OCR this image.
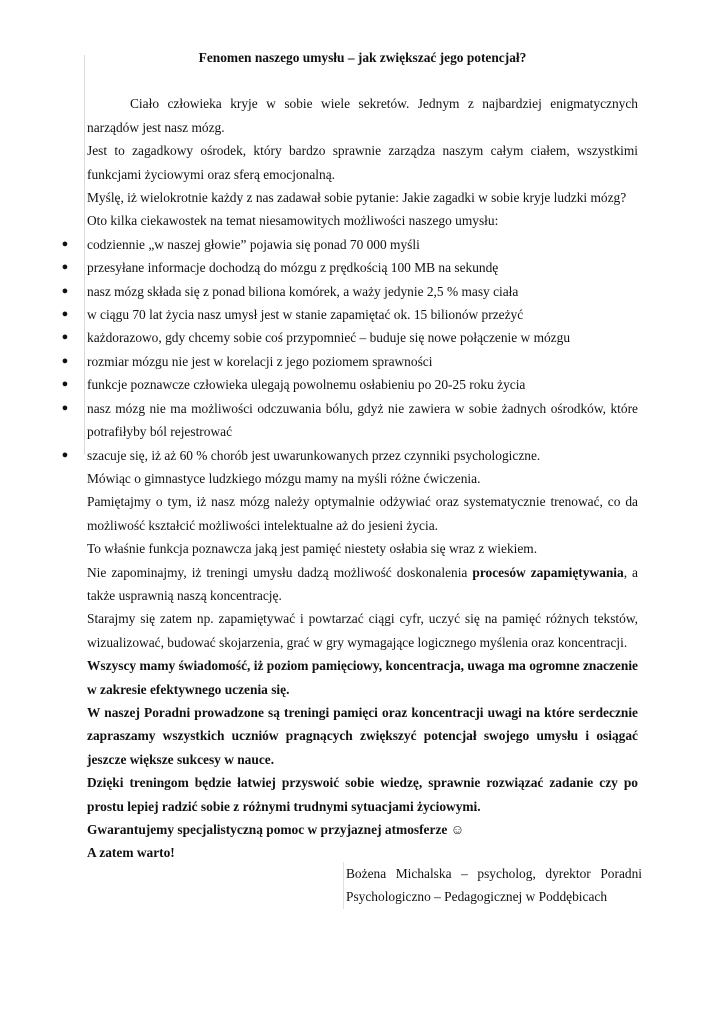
Fenomen naszego umysłu – jak zwiększać jego potencjał?

Ciało człowieka kryje w sobie wiele sekretów. Jednym z najbardziej enigmatycznych narządów jest nasz mózg.

Jest to zagadkowy ośrodek, który bardzo sprawnie zarządza naszym całym ciałem, wszystkimi funkcjami życiowymi oraz sferą emocjonalną.

Myślę, iż wielokrotnie każdy z nas zadawał sobie pytanie: Jakie zagadki w sobie kryje ludzki mózg?

Oto kilka ciekawostek na temat niesamowitych możliwości naszego umysłu:

● codziennie „w naszej głowie” pojawia się ponad 70 000 myśli
● przesyłane informacje dochodzą do mózgu z prędkością 100 MB na sekundę
● nasz mózg składa się z ponad biliona komórek, a waży jedynie 2,5 % masy ciała
● w ciągu 70 lat życia nasz umysł jest w stanie zapamiętać ok. 15 bilionów przeżyć
● każdorazowo, gdy chcemy sobie coś przypomnieć – buduje się nowe połączenie w mózgu
● rozmiar mózgu nie jest w korelacji z jego poziomem sprawności
● funkcje poznawcze człowieka ulegają powolnemu osłabieniu po 20-25 roku życia
● nasz mózg nie ma możliwości odczuwania bólu, gdyż nie zawiera w sobie żadnych ośrodków, które potrafiłyby ból rejestrować
● szacuje się, iż aż 60 % chorób jest uwarunkowanych przez czynniki psychologiczne.

Mówiąc o gimnastyce ludzkiego mózgu mamy na myśli różne ćwiczenia.

Pamiętajmy o tym, iż nasz mózg należy optymalnie odżywiać oraz systematycznie trenować, co da możliwość kształcić możliwości intelektualne aż do jesieni życia.

To właśnie funkcja poznawcza jaką jest pamięć niestety osłabia się wraz z wiekiem.

Nie zapominajmy, iż treningi umysłu dadzą możliwość doskonalenia procesów zapamiętywania, a także usprawnią naszą koncentrację.

Starajmy się zatem np. zapamiętywać i powtarzać ciągi cyfr, uczyć się na pamięć różnych tekstów, wizualizować, budować skojarzenia, grać w gry wymagające logicznego myślenia oraz koncentracji.

Wszyscy mamy świadomość, iż poziom pamięciowy, koncentracja, uwaga ma ogromne znaczenie w zakresie efektywnego uczenia się.

W naszej Poradni prowadzone są treningi pamięci oraz koncentracji uwagi na które serdecznie zapraszamy wszystkich uczniów pragnących zwiększyć potencjał swojego umysłu i osiągać jeszcze większe sukcesy w nauce.

Dzięki treningom będzie łatwiej przyswoić sobie wiedzę, sprawnie rozwiązać zadanie czy po prostu lepiej radzić sobie z różnymi trudnymi sytuacjami życiowymi.

Gwarantujemy specjalistyczną pomoc w przyjaznej atmosferze ☺

A zatem warto!

Bożena Michalska – psycholog, dyrektor Poradni Psychologiczno – Pedagogicznej w Poddębicach
